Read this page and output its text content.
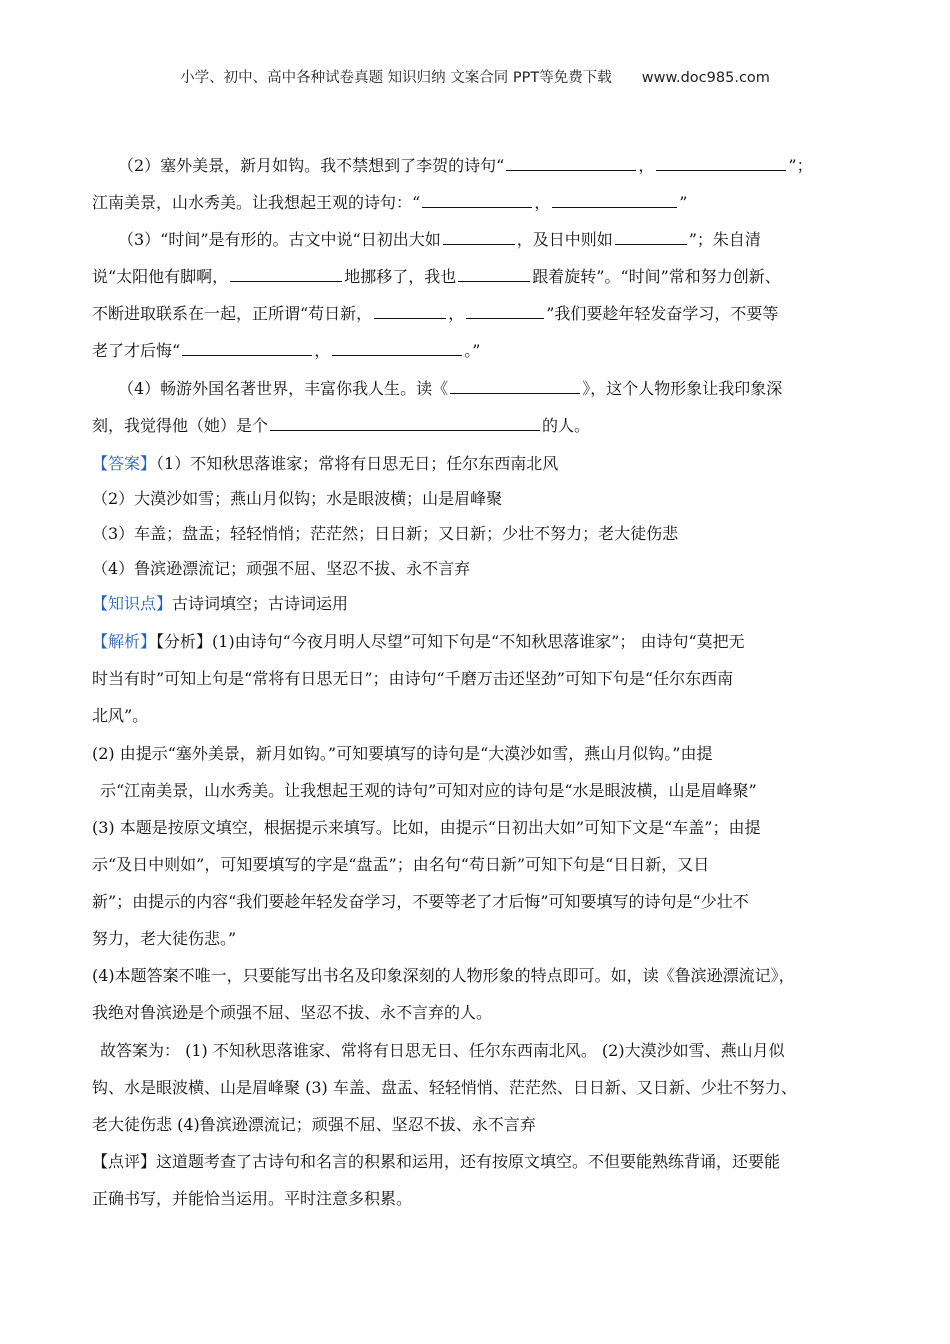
小学、初中、高中各种试卷真题 知识归纳 文案合同 PPT等免费下载 www.doc985.com
（2）塞外美景，新月如钩。我不禁想到了李贺的诗句“	，	”；
江南美景，山水秀美。让我想起王观的诗句：“	，	”
（3）“时间”是有形的。古文中说“日初出大如	，及日中则如	”；朱自清
说“太阳他有脚啊，	地挪移了，我也	跟着旋转”。“时间”常和努力创新、
不断进取联系在一起，正所谓“苟日新，	，	”我们要趁年轻发奋学习，不要等
老了才后悔“	，	。”
（4）畅游外国名著世界，丰富你我人生。读《	》，这个人物形象让我印象深
刻，我觉得他（她）是个	的人。
【答案】（1）不知秋思落谁家；常将有日思无日；任尔东西南北风
（2）大漠沙如雪；燕山月似钩；水是眼波横；山是眉峰聚
（3）车盖；盘盂；轻轻悄悄；茫茫然；日日新；又日新；少壮不努力；老大徒伤悲
（4）鲁滨逊漂流记；顽强不屈、坚忍不拔、永不言弃
【知识点】古诗词填空；古诗词运用
【解析】【分析】(1)由诗句“今夜月明人尽望”可知下句是“不知秋思落谁家”； 由诗句“莫把无
时当有时”可知上句是“常将有日思无日”；由诗句“千磨万击还坚劲”可知下句是“任尔东西南
北风”。
(2) 由提示“塞外美景，新月如钩。”可知要填写的诗句是“大漠沙如雪，燕山月似钩。”由提
示“江南美景，山水秀美。让我想起王观的诗句”可知对应的诗句是“水是眼波横，山是眉峰聚”
(3) 本题是按原文填空，根据提示来填写。比如，由提示“日初出大如”可知下文是“车盖”；由提
示“及日中则如”，可知要填写的字是“盘盂”；由名句“苟日新”可知下句是“日日新，又日
新”；由提示的内容“我们要趁年轻发奋学习，不要等老了才后悔”可知要填写的诗句是“少壮不
努力，老大徒伤悲。”
(4)本题答案不唯一，只要能写出书名及印象深刻的人物形象的特点即可。如，读《鲁滨逊漂流记》，
我绝对鲁滨逊是个顽强不屈、坚忍不拔、永不言弃的人。
故答案为： (1) 不知秋思落谁家、常将有日思无日、任尔东西南北风。 (2)大漠沙如雪、燕山月似
钩、水是眼波横、山是眉峰聚 (3) 车盖、盘盂、轻轻悄悄、茫茫然、日日新、又日新、少壮不努力、
老大徒伤悲 (4)鲁滨逊漂流记；顽强不屈、坚忍不拔、永不言弃
【点评】这道题考查了古诗句和名言的积累和运用，还有按原文填空。不但要能熟练背诵，还要能
正确书写，并能恰当运用。平时注意多积累。
